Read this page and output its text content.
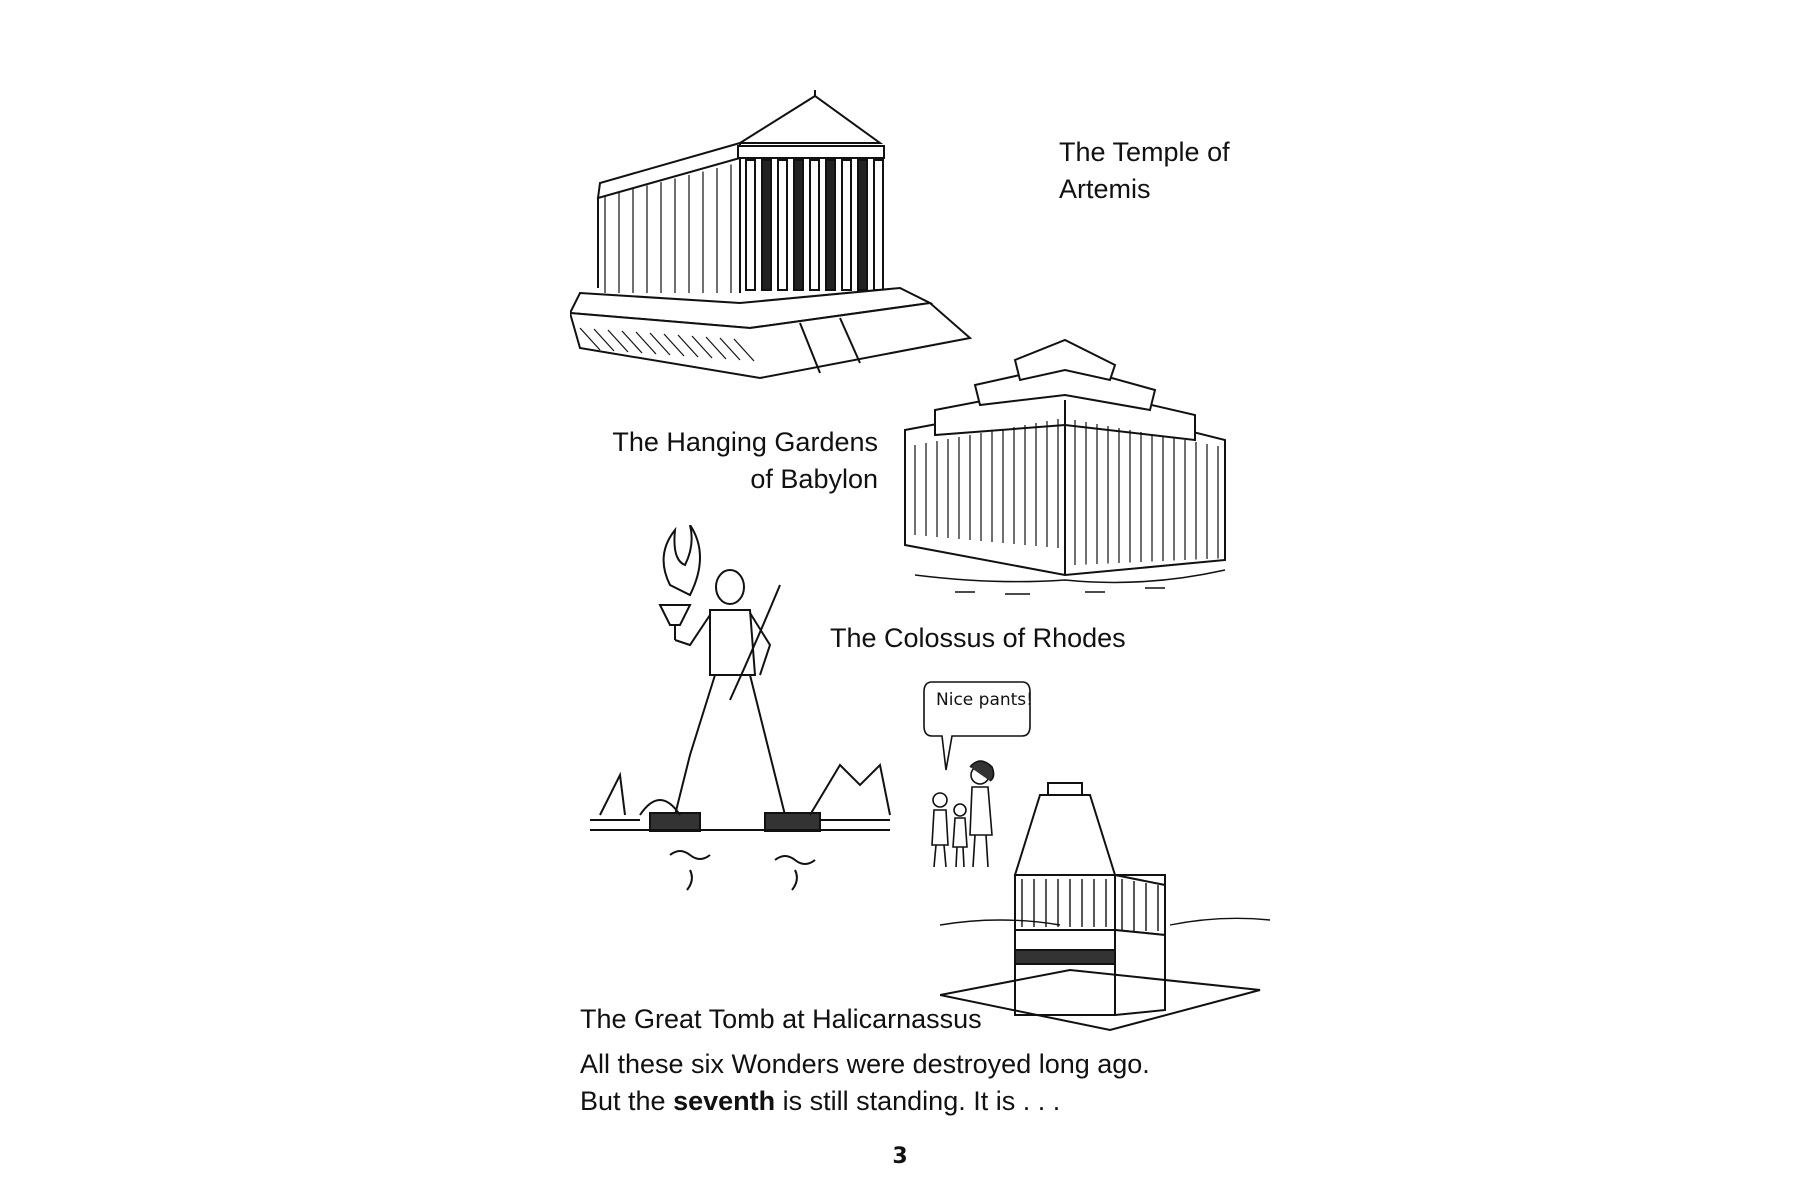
Nice pants!
The Temple of
Artemis
The Hanging Gardens
of Babylon
The Colossus of Rhodes
The Great Tomb at Halicarnassus
All these six Wonders were destroyed long ago.
But the seventh is still standing. It is . . .
3
